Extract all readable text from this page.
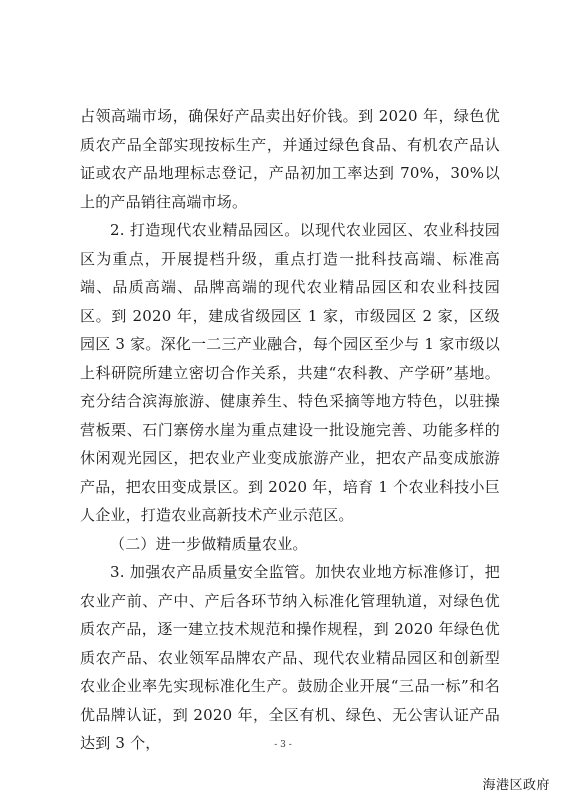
占领高端市场，确保好产品卖出好价钱。到 2020 年，绿色优质农产品全部实现按标生产，并通过绿色食品、有机农产品认证或农产品地理标志登记，产品初加工率达到 70%，30%以上的产品销往高端市场。

2. 打造现代农业精品园区。以现代农业园区、农业科技园区为重点，开展提档升级，重点打造一批科技高端、标准高端、品质高端、品牌高端的现代农业精品园区和农业科技园区。到 2020 年，建成省级园区 1 家，市级园区 2 家，区级园区 3 家。深化一二三产业融合，每个园区至少与 1 家市级以上科研院所建立密切合作关系，共建“农科教、产学研”基地。充分结合滨海旅游、健康养生、特色采摘等地方特色，以驻操营板栗、石门寨傍水崖为重点建设一批设施完善、功能多样的休闲观光园区，把农业产业变成旅游产业，把农产品变成旅游产品，把农田变成景区。到 2020 年，培育 1 个农业科技小巨人企业，打造农业高新技术产业示范区。

（二）进一步做精质量农业。

3. 加强农产品质量安全监管。加快农业地方标准修订，把农业产前、产中、产后各环节纳入标准化管理轨道，对绿色优质农产品，逐一建立技术规范和操作规程，到 2020 年绿色优质农产品、农业领军品牌农产品、现代农业精品园区和创新型农业企业率先实现标准化生产。鼓励企业开展“三品一标”和名优品牌认证，到 2020 年，全区有机、绿色、无公害认证产品达到 3 个，	- 3 -
海港区政府
